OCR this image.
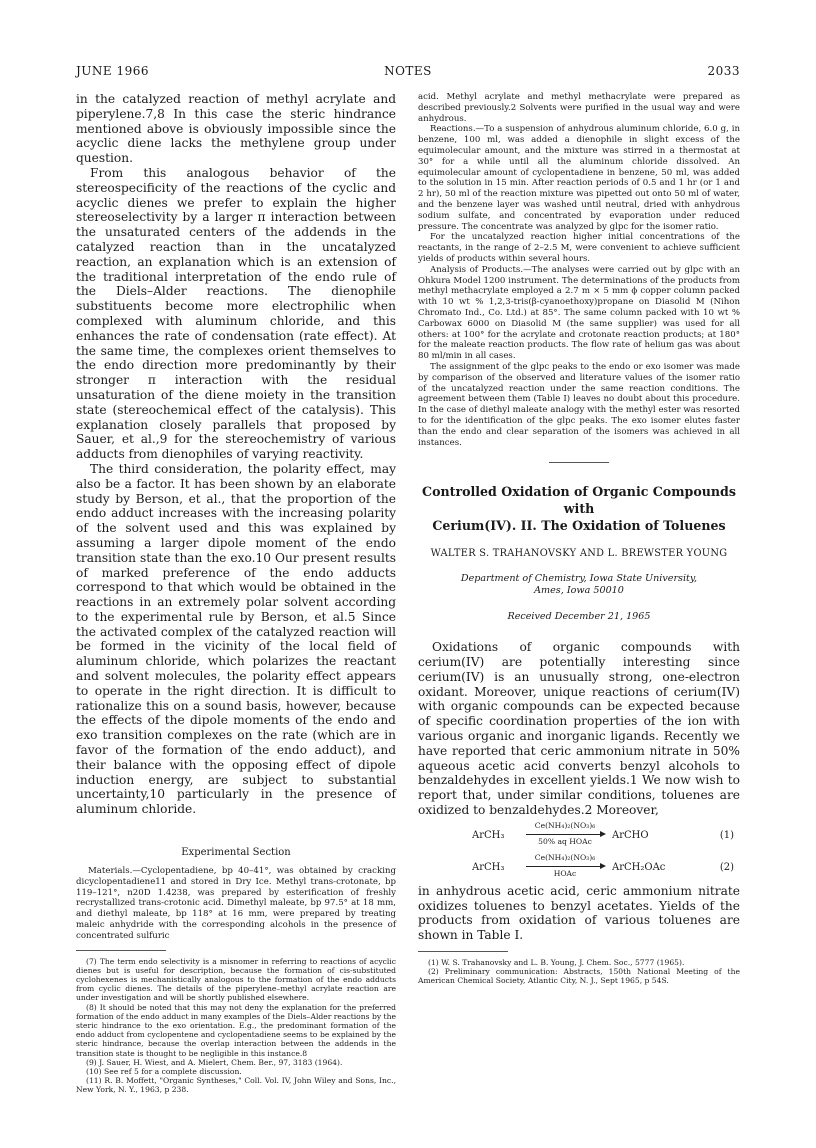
JUNE 1966	NOTES	2033

in the catalyzed reaction of methyl acrylate and piperylene.7,8 In this case the steric hindrance mentioned above is obviously impossible since the acyclic diene lacks the methylene group under question.

From this analogous behavior of the stereospecificity of the reactions of the cyclic and acyclic dienes we prefer to explain the higher stereoselectivity by a larger π interaction between the unsaturated centers of the addends in the catalyzed reaction than in the uncatalyzed reaction, an explanation which is an extension of the traditional interpretation of the endo rule of the Diels–Alder reactions. The dienophile substituents become more electrophilic when complexed with aluminum chloride, and this enhances the rate of condensation (rate effect). At the same time, the complexes orient themselves to the endo direction more predominantly by their stronger π interaction with the residual unsaturation of the diene moiety in the transition state (stereochemical effect of the catalysis). This explanation closely parallels that proposed by Sauer, et al.,9 for the stereochemistry of various adducts from dienophiles of varying reactivity.

The third consideration, the polarity effect, may also be a factor. It has been shown by an elaborate study by Berson, et al., that the proportion of the endo adduct increases with the increasing polarity of the solvent used and this was explained by assuming a larger dipole moment of the endo transition state than the exo.10 Our present results of marked preference of the endo adducts correspond to that which would be obtained in the reactions in an extremely polar solvent according to the experimental rule by Berson, et al.5 Since the activated complex of the catalyzed reaction will be formed in the vicinity of the local field of aluminum chloride, which polarizes the reactant and solvent molecules, the polarity effect appears to operate in the right direction. It is difficult to rationalize this on a sound basis, however, because the effects of the dipole moments of the endo and exo transition complexes on the rate (which are in favor of the formation of the endo adduct), and their balance with the opposing effect of dipole induction energy, are subject to substantial uncertainty,10 particularly in the presence of aluminum chloride.

Experimental Section

Materials.—Cyclopentadiene, bp 40–41°, was obtained by cracking dicyclopentadiene11 and stored in Dry Ice. Methyl trans-crotonate, bp 119–121°, n20D 1.4238, was prepared by esterification of freshly recrystallized trans-crotonic acid. Dimethyl maleate, bp 97.5° at 18 mm, and diethyl maleate, bp 118° at 16 mm, were prepared by treating maleic anhydride with the corresponding alcohols in the presence of concentrated sulfuric

(7) The term endo selectivity is a misnomer in referring to reactions of acyclic dienes but is useful for description, because the formation of cis-substituted cyclohexenes is mechanistically analogous to the formation of the endo adducts from cyclic dienes. The details of the piperylene–methyl acrylate reaction are under investigation and will be shortly published elsewhere.

(8) It should be noted that this may not deny the explanation for the preferred formation of the endo adduct in many examples of the Diels–Alder reactions by the steric hindrance to the exo orientation. E.g., the predominant formation of the endo adduct from cyclopentene and cyclopentadiene seems to be explained by the steric hindrance, because the overlap interaction between the addends in the transition state is thought to be negligible in this instance.8

(9) J. Sauer, H. Wiest, and A. Mielert, Chem. Ber., 97, 3183 (1964).

(10) See ref 5 for a complete discussion.

(11) R. B. Moffett, "Organic Syntheses," Coll. Vol. IV, John Wiley and Sons, Inc., New York, N. Y., 1963, p 238.

acid. Methyl acrylate and methyl methacrylate were prepared as described previously.2 Solvents were purified in the usual way and were anhydrous.

Reactions.—To a suspension of anhydrous aluminum chloride, 6.0 g, in benzene, 100 ml, was added a dienophile in slight excess of the equimolecular amount, and the mixture was stirred in a thermostat at 30° for a while until all the aluminum chloride dissolved. An equimolecular amount of cyclopentadiene in benzene, 50 ml, was added to the solution in 15 min. After reaction periods of 0.5 and 1 hr (or 1 and 2 hr), 50 ml of the reaction mixture was pipetted out onto 50 ml of water, and the benzene layer was washed until neutral, dried with anhydrous sodium sulfate, and concentrated by evaporation under reduced pressure. The concentrate was analyzed by glpc for the isomer ratio.

For the uncatalyzed reaction higher initial concentrations of the reactants, in the range of 2–2.5 M, were convenient to achieve sufficient yields of products within several hours.

Analysis of Products.—The analyses were carried out by glpc with an Ohkura Model 1200 instrument. The determinations of the products from methyl methacrylate employed a 2.7 m × 5 mm ϕ copper column packed with 10 wt % 1,2,3-tris(β-cyanoethoxy)propane on Diasolid M (Nihon Chromato Ind., Co. Ltd.) at 85°. The same column packed with 10 wt % Carbowax 6000 on Diasolid M (the same supplier) was used for all others: at 100° for the acrylate and crotonate reaction products; at 180° for the maleate reaction products. The flow rate of helium gas was about 80 ml/min in all cases.

The assignment of the glpc peaks to the endo or exo isomer was made by comparison of the observed and literature values of the isomer ratio of the uncatalyzed reaction under the same reaction conditions. The agreement between them (Table I) leaves no doubt about this procedure. In the case of diethyl maleate analogy with the methyl ester was resorted to for the identification of the glpc peaks. The exo isomer elutes faster than the endo and clear separation of the isomers was achieved in all instances.

Controlled Oxidation of Organic Compounds with
Cerium(IV). II. The Oxidation of Toluenes
WALTER S. TRAHANOVSKY AND L. BREWSTER YOUNG
Department of Chemistry, Iowa State University,
Ames, Iowa 50010
Received December 21, 1965

Oxidations of organic compounds with cerium(IV) are potentially interesting since cerium(IV) is an unusually strong, one-electron oxidant. Moreover, unique reactions of cerium(IV) with organic compounds can be expected because of specific coordination properties of the ion with various organic and inorganic ligands. Recently we have reported that ceric ammonium nitrate in 50% aqueous acetic acid converts benzyl alcohols to benzaldehydes in excellent yields.1 We now wish to report that, under similar conditions, toluenes are oxidized to benzaldehydes.2 Moreover,

ArCH₃
Ce(NH₄)₂(NO₃)₆
50% aq HOAc
ArCHO	(1)
ArCH₃
Ce(NH₄)₂(NO₃)₆
HOAc
ArCH₂OAc	(2)

in anhydrous acetic acid, ceric ammonium nitrate oxidizes toluenes to benzyl acetates. Yields of the products from oxidation of various toluenes are shown in Table I.

(1) W. S. Trahanovsky and L. B. Young, J. Chem. Soc., 5777 (1965).

(2) Preliminary communication: Abstracts, 150th National Meeting of the American Chemical Society, Atlantic City, N. J., Sept 1965, p 54S.
